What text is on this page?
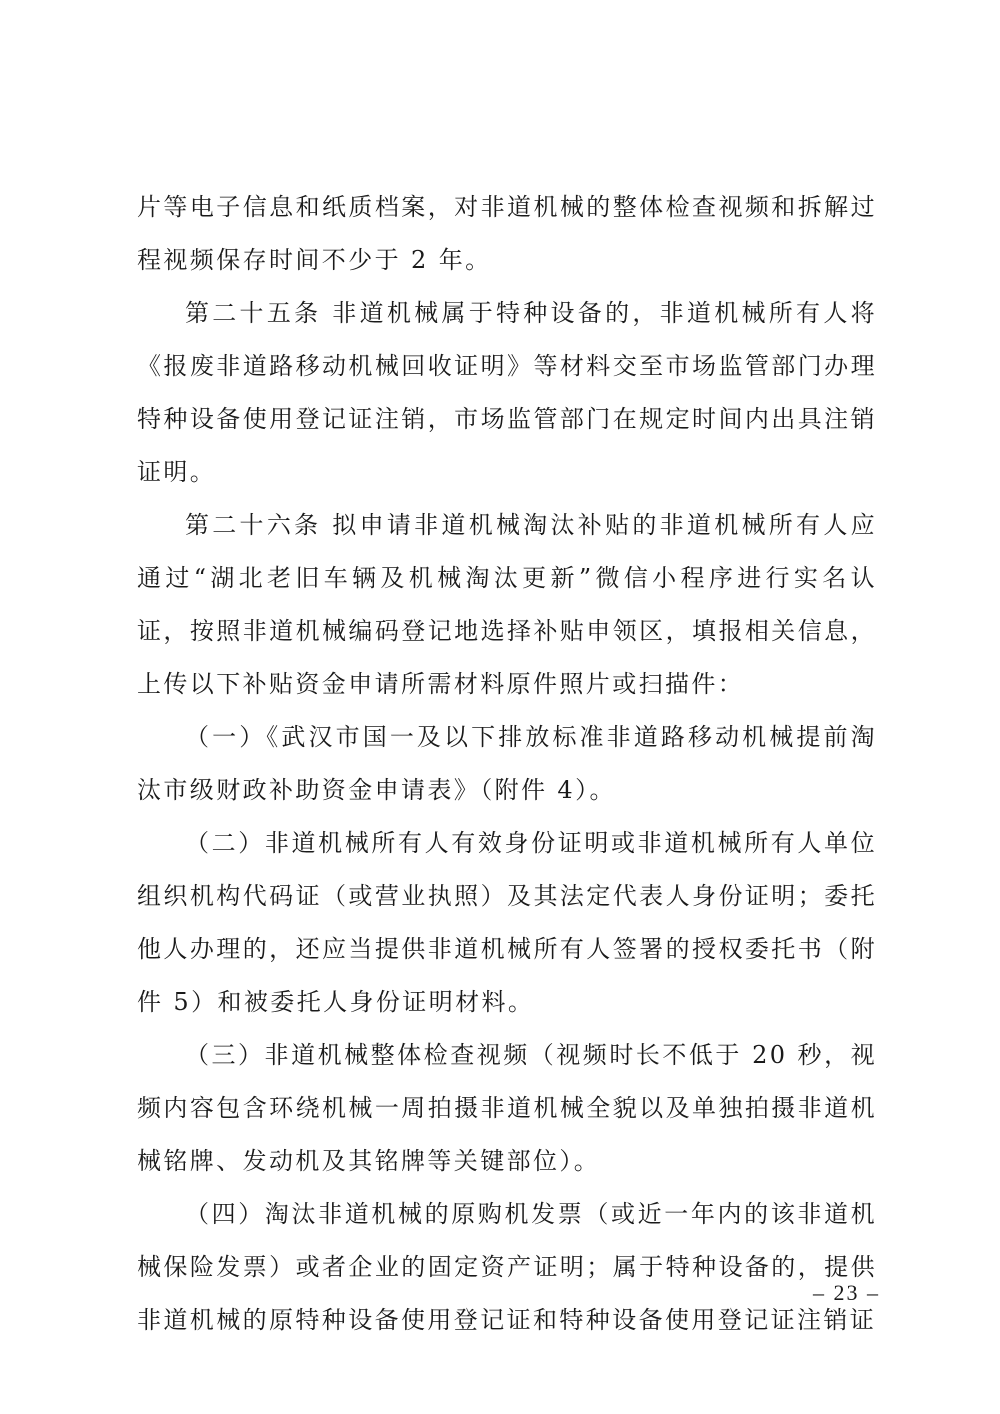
片等电子信息和纸质档案，对非道机械的整体检查视频和拆解过程视频保存时间不少于 2 年。

第二十五条 非道机械属于特种设备的，非道机械所有人将《报废非道路移动机械回收证明》等材料交至市场监管部门办理特种设备使用登记证注销，市场监管部门在规定时间内出具注销证明。

第二十六条 拟申请非道机械淘汰补贴的非道机械所有人应通过“湖北老旧车辆及机械淘汰更新”微信小程序进行实名认证，按照非道机械编码登记地选择补贴申领区，填报相关信息，上传以下补贴资金申请所需材料原件照片或扫描件：

（一）《武汉市国一及以下排放标准非道路移动机械提前淘汰市级财政补助资金申请表》（附件 4）。

（二）非道机械所有人有效身份证明或非道机械所有人单位组织机构代码证（或营业执照）及其法定代表人身份证明；委托他人办理的，还应当提供非道机械所有人签署的授权委托书（附件 5）和被委托人身份证明材料。

（三）非道机械整体检查视频（视频时长不低于 20 秒，视频内容包含环绕机械一周拍摄非道机械全貌以及单独拍摄非道机械铭牌、发动机及其铭牌等关键部位）。

（四）淘汰非道机械的原购机发票（或近一年内的该非道机械保险发票）或者企业的固定资产证明；属于特种设备的，提供非道机械的原特种设备使用登记证和特种设备使用登记证注销证

– 23 –
